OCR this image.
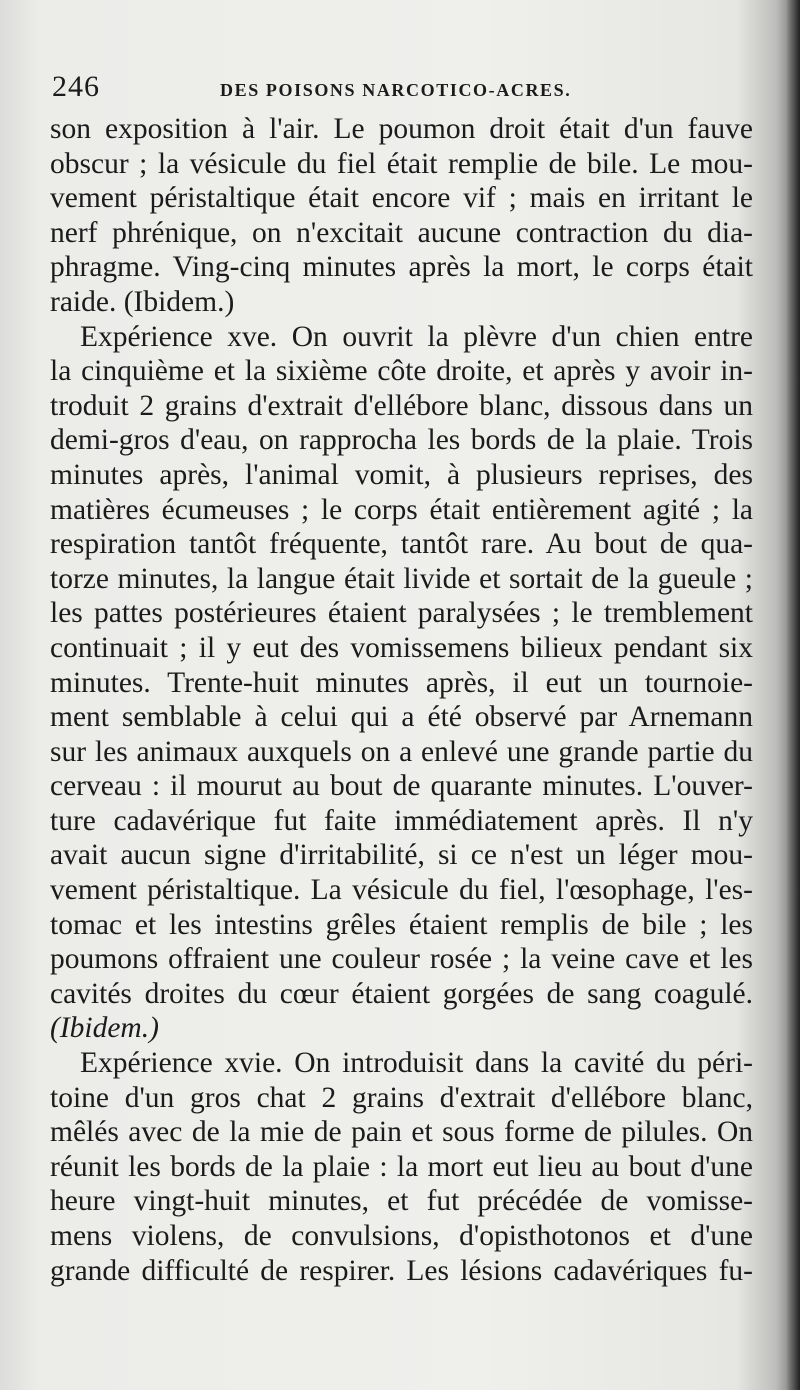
246	DES POISONS NARCOTICO-ACRES.
son exposition à l'air. Le poumon droit était d'un fauve
obscur ; la vésicule du fiel était remplie de bile. Le mou-
vement péristaltique était encore vif ; mais en irritant le
nerf phrénique, on n'excitait aucune contraction du dia-
phragme. Ving-cinq minutes après la mort, le corps était
raide. (Ibidem.)
Expérience xve. On ouvrit la plèvre d'un chien entre
la cinquième et la sixième côte droite, et après y avoir in-
troduit 2 grains d'extrait d'ellébore blanc, dissous dans un
demi-gros d'eau, on rapprocha les bords de la plaie. Trois
minutes après, l'animal vomit, à plusieurs reprises, des
matières écumeuses ; le corps était entièrement agité ; la
respiration tantôt fréquente, tantôt rare. Au bout de qua-
torze minutes, la langue était livide et sortait de la gueule ;
les pattes postérieures étaient paralysées ; le tremblement
continuait ; il y eut des vomissemens bilieux pendant six
minutes. Trente-huit minutes après, il eut un tournoie-
ment semblable à celui qui a été observé par Arnemann
sur les animaux auxquels on a enlevé une grande partie du
cerveau : il mourut au bout de quarante minutes. L'ouver-
ture cadavérique fut faite immédiatement après. Il n'y
avait aucun signe d'irritabilité, si ce n'est un léger mou-
vement péristaltique. La vésicule du fiel, l'œsophage, l'es-
tomac et les intestins grêles étaient remplis de bile ; les
poumons offraient une couleur rosée ; la veine cave et les
cavités droites du cœur étaient gorgées de sang coagulé.
(Ibidem.)
Expérience xvie. On introduisit dans la cavité du péri-
toine d'un gros chat 2 grains d'extrait d'ellébore blanc,
mêlés avec de la mie de pain et sous forme de pilules. On
réunit les bords de la plaie : la mort eut lieu au bout d'une
heure vingt-huit minutes, et fut précédée de vomisse-
mens violens, de convulsions, d'opisthotonos et d'une
grande difficulté de respirer. Les lésions cadavériques fu-
